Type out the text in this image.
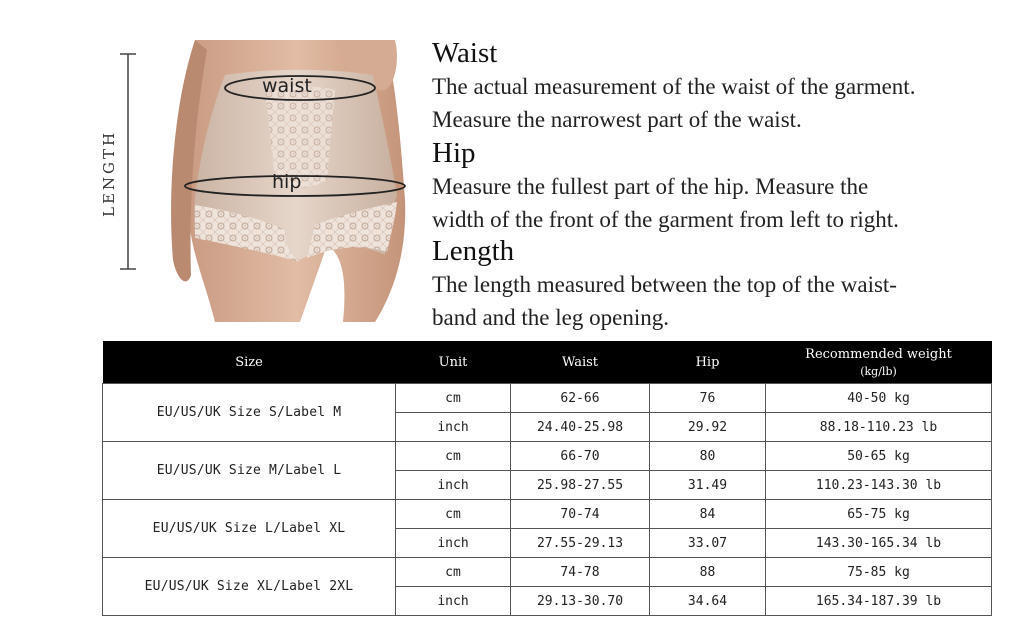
LENGTH
waist
hip
Waist

The actual measurement of the waist of the garment.
Measure the narrowest part of the waist.

Hip

Measure the fullest part of the hip. Measure the
width of the front of the garment from left to right.

Length

The length measured between the top of the waist-
band and the leg opening.

Size	Unit	Waist	Hip	Recommended weight
(kg/lb)

EU/US/UK Size S/Label M	cm	62-66	76	40-50 kg
	inch	24.40-25.98	29.92	88.18-110.23 lb
EU/US/UK Size M/Label L	cm	66-70	80	50-65 kg
	inch	25.98-27.55	31.49	110.23-143.30 lb
EU/US/UK Size L/Label XL	cm	70-74	84	65-75 kg
	inch	27.55-29.13	33.07	143.30-165.34 lb
EU/US/UK Size XL/Label 2XL	cm	74-78	88	75-85 kg
	inch	29.13-30.70	34.64	165.34-187.39 lb
